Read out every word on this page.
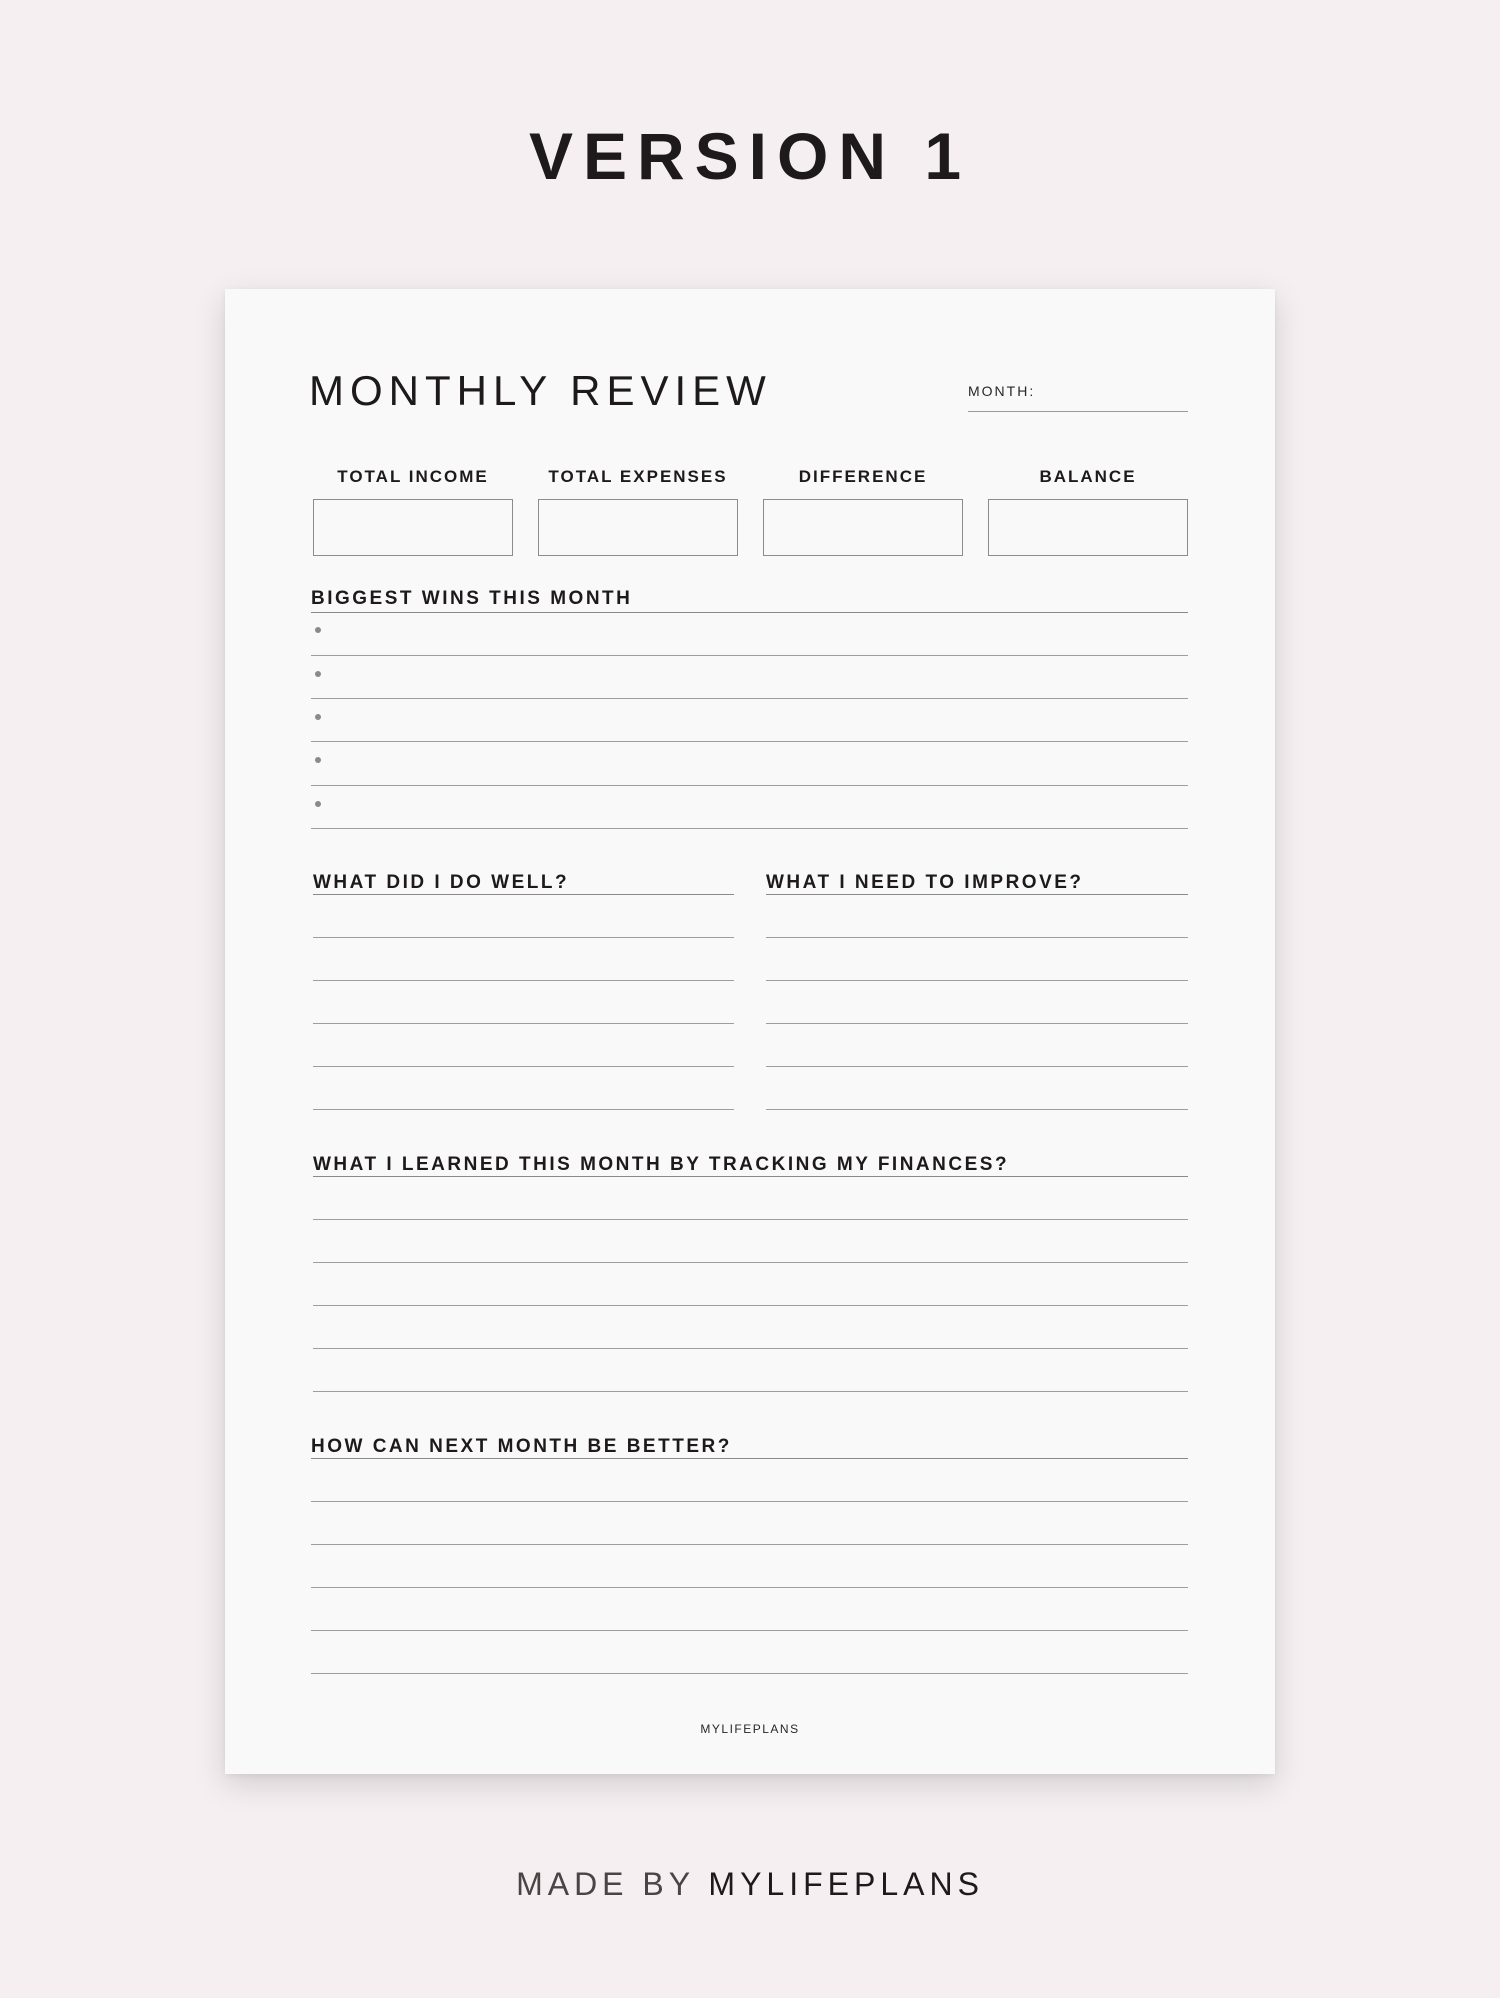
VERSION 1
MONTHLY REVIEW	MONTH:
TOTAL INCOME	TOTAL EXPENSES	DIFFERENCE	BALANCE
BIGGEST WINS THIS MONTH
WHAT DID I DO WELL?	WHAT I NEED TO IMPROVE?
WHAT I LEARNED THIS MONTH BY TRACKING MY FINANCES?
HOW CAN NEXT MONTH BE BETTER?
MYLIFEPLANS
MADE BY MYLIFEPLANS
